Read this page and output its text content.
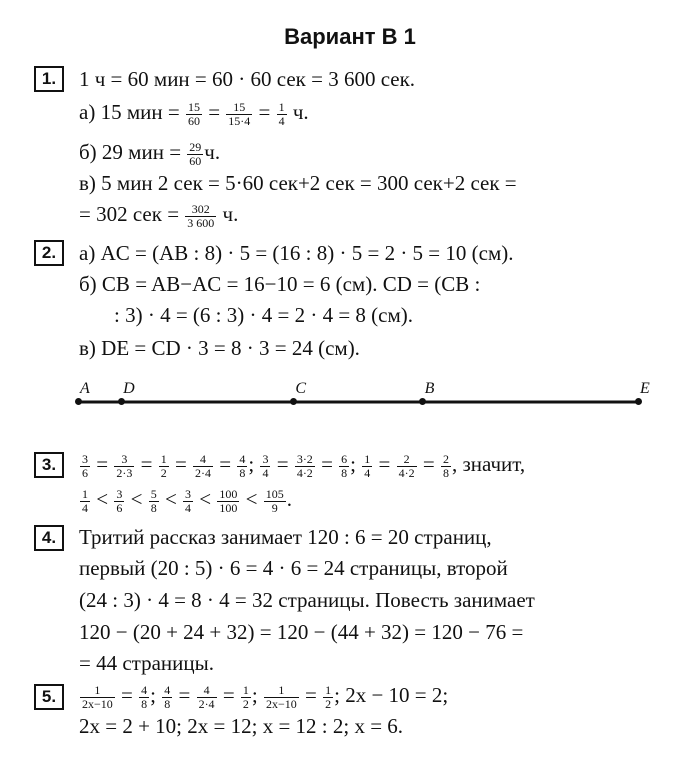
Вариант В 1
1.	1 ч = 60 мин = 60 · 60 сек = 3 600 сек.
а) 15 мин = $\frac{15}{60} = \frac{15}{15\cdot 4} = \frac{1}{4} ч$.
б) 29 мин = $\frac{29}{60} ч$.
в) 5 мин 2 сек = 5·60 сек+2 сек = 300 сек+2 сек =
= 302 сек = $\frac{302}{3 600} ч$.
2.	а) AC = (AB : 8) · 5 = (16 : 8) · 5 = 2 · 5 = 10 (см).
б) CB = AB−AC = 16−10 = 6 (см). CD = (CB :
: 3) · 4 = (6 : 3) · 4 = 2 · 4 = 8 (см).
в) DE = CD · 3 = 8 · 3 = 24 (см).
A D	C	B	E
3.	$\frac{3}{6} = \frac{3}{2\cdot 3} = \frac{1}{2} = \frac{4}{2\cdot 4} = \frac{4}{8}$ ; $\frac{3}{4} = \frac{3\cdot 2}{4\cdot 2} = \frac{6}{8}$ ; $\frac{1}{4} = \frac{2}{4\cdot 2} = \frac{2}{8}$ , значит,
$\frac{1}{4} < \frac{3}{6} < \frac{5}{8} < \frac{3}{4} < \frac{100}{100} < \frac{105}{9}$ .
4.	Тритий рассказ занимает 120 : 6 = 20 страниц,
первый (20 : 5) · 6 = 4 · 6 = 24 страницы, второй
(24 : 3) · 4 = 8 · 4 = 32 страницы. Повесть занимает
120 − (20 + 24 + 32) = 120 − (44 + 32) = 120 − 76 =
= 44 страницы.
5.	$\frac{1}{2x-10} = \frac{4}{8}$ ; $\frac{4}{8} = \frac{4}{2\cdot 4} = \frac{1}{2}$ ; $\frac{1}{2x-10} = \frac{1}{2}$ ; 2x − 10 = 2;
2x = 2 + 10; 2x = 12; x = 12 : 2; x = 6.
